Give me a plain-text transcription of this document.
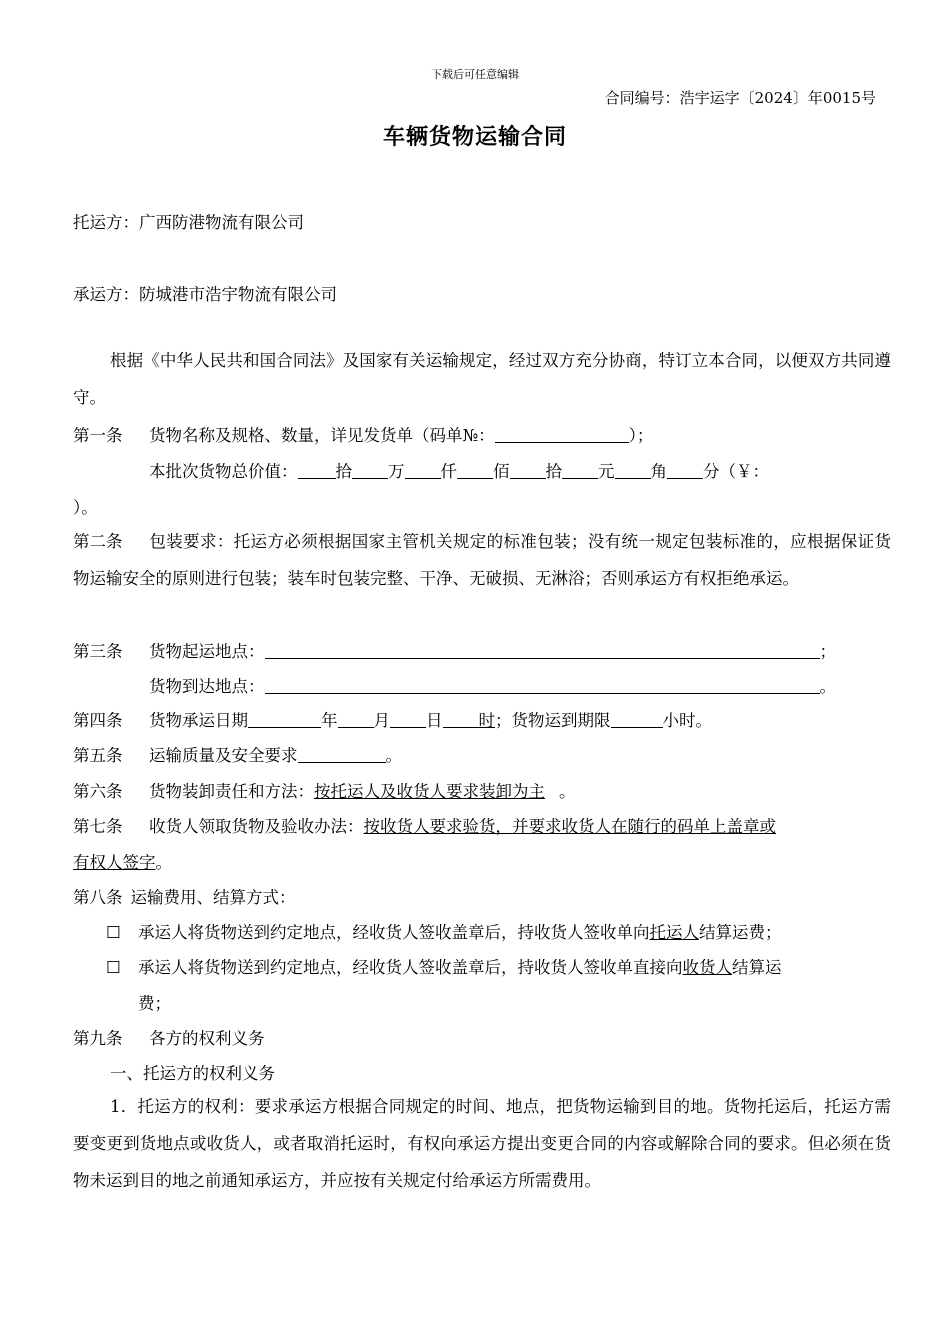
下载后可任意编辑
合同编号：浩宇运字〔2024〕年0015号
车辆货物运输合同
托运方：广西防港物流有限公司
承运方：防城港市浩宇物流有限公司
根据《中华人民共和国合同法》及国家有关运输规定，经过双方充分协商，特订立本合同，以便双方共同遵守。
第一条 货物名称及规格、数量，详见发货单（码单№：	）；
本批次货物总价值： 拾 万 仟 佰 拾 元 角 分（￥：
）。
第二条 包装要求：托运方必须根据国家主管机关规定的标准包装；没有统一规定包装标准的，应根据保证货物运输安全的原则进行包装；装车时包装完整、干净、无破损、无淋浴；否则承运方有权拒绝承运。
第三条 货物起运地点：	；
货物到达地点：	。
第四条 货物承运日期	年 月 日 时；货物运到期限	小时。
第五条 运输质量及安全要求	。
第六条 货物装卸责任和方法：按托运人及收货人要求装卸为主 。
第七条 收货人领取货物及验收办法：按收货人要求验货，并要求收货人在随行的码单上盖章或
有权人签字。
第八条 运输费用、结算方式：
☐ 承运人将货物送到约定地点，经收货人签收盖章后，持收货人签收单向托运人结算运费；
☐ 承运人将货物送到约定地点，经收货人签收盖章后，持收货人签收单直接向收货人结算运
费；
第九条 各方的权利义务
一、托运方的权利义务
1．托运方的权利：要求承运方根据合同规定的时间、地点，把货物运输到目的地。货物托运后，托运方需要变更到货地点或收货人，或者取消托运时，有权向承运方提出变更合同的内容或解除合同的要求。但必须在货物未运到目的地之前通知承运方，并应按有关规定付给承运方所需费用。
